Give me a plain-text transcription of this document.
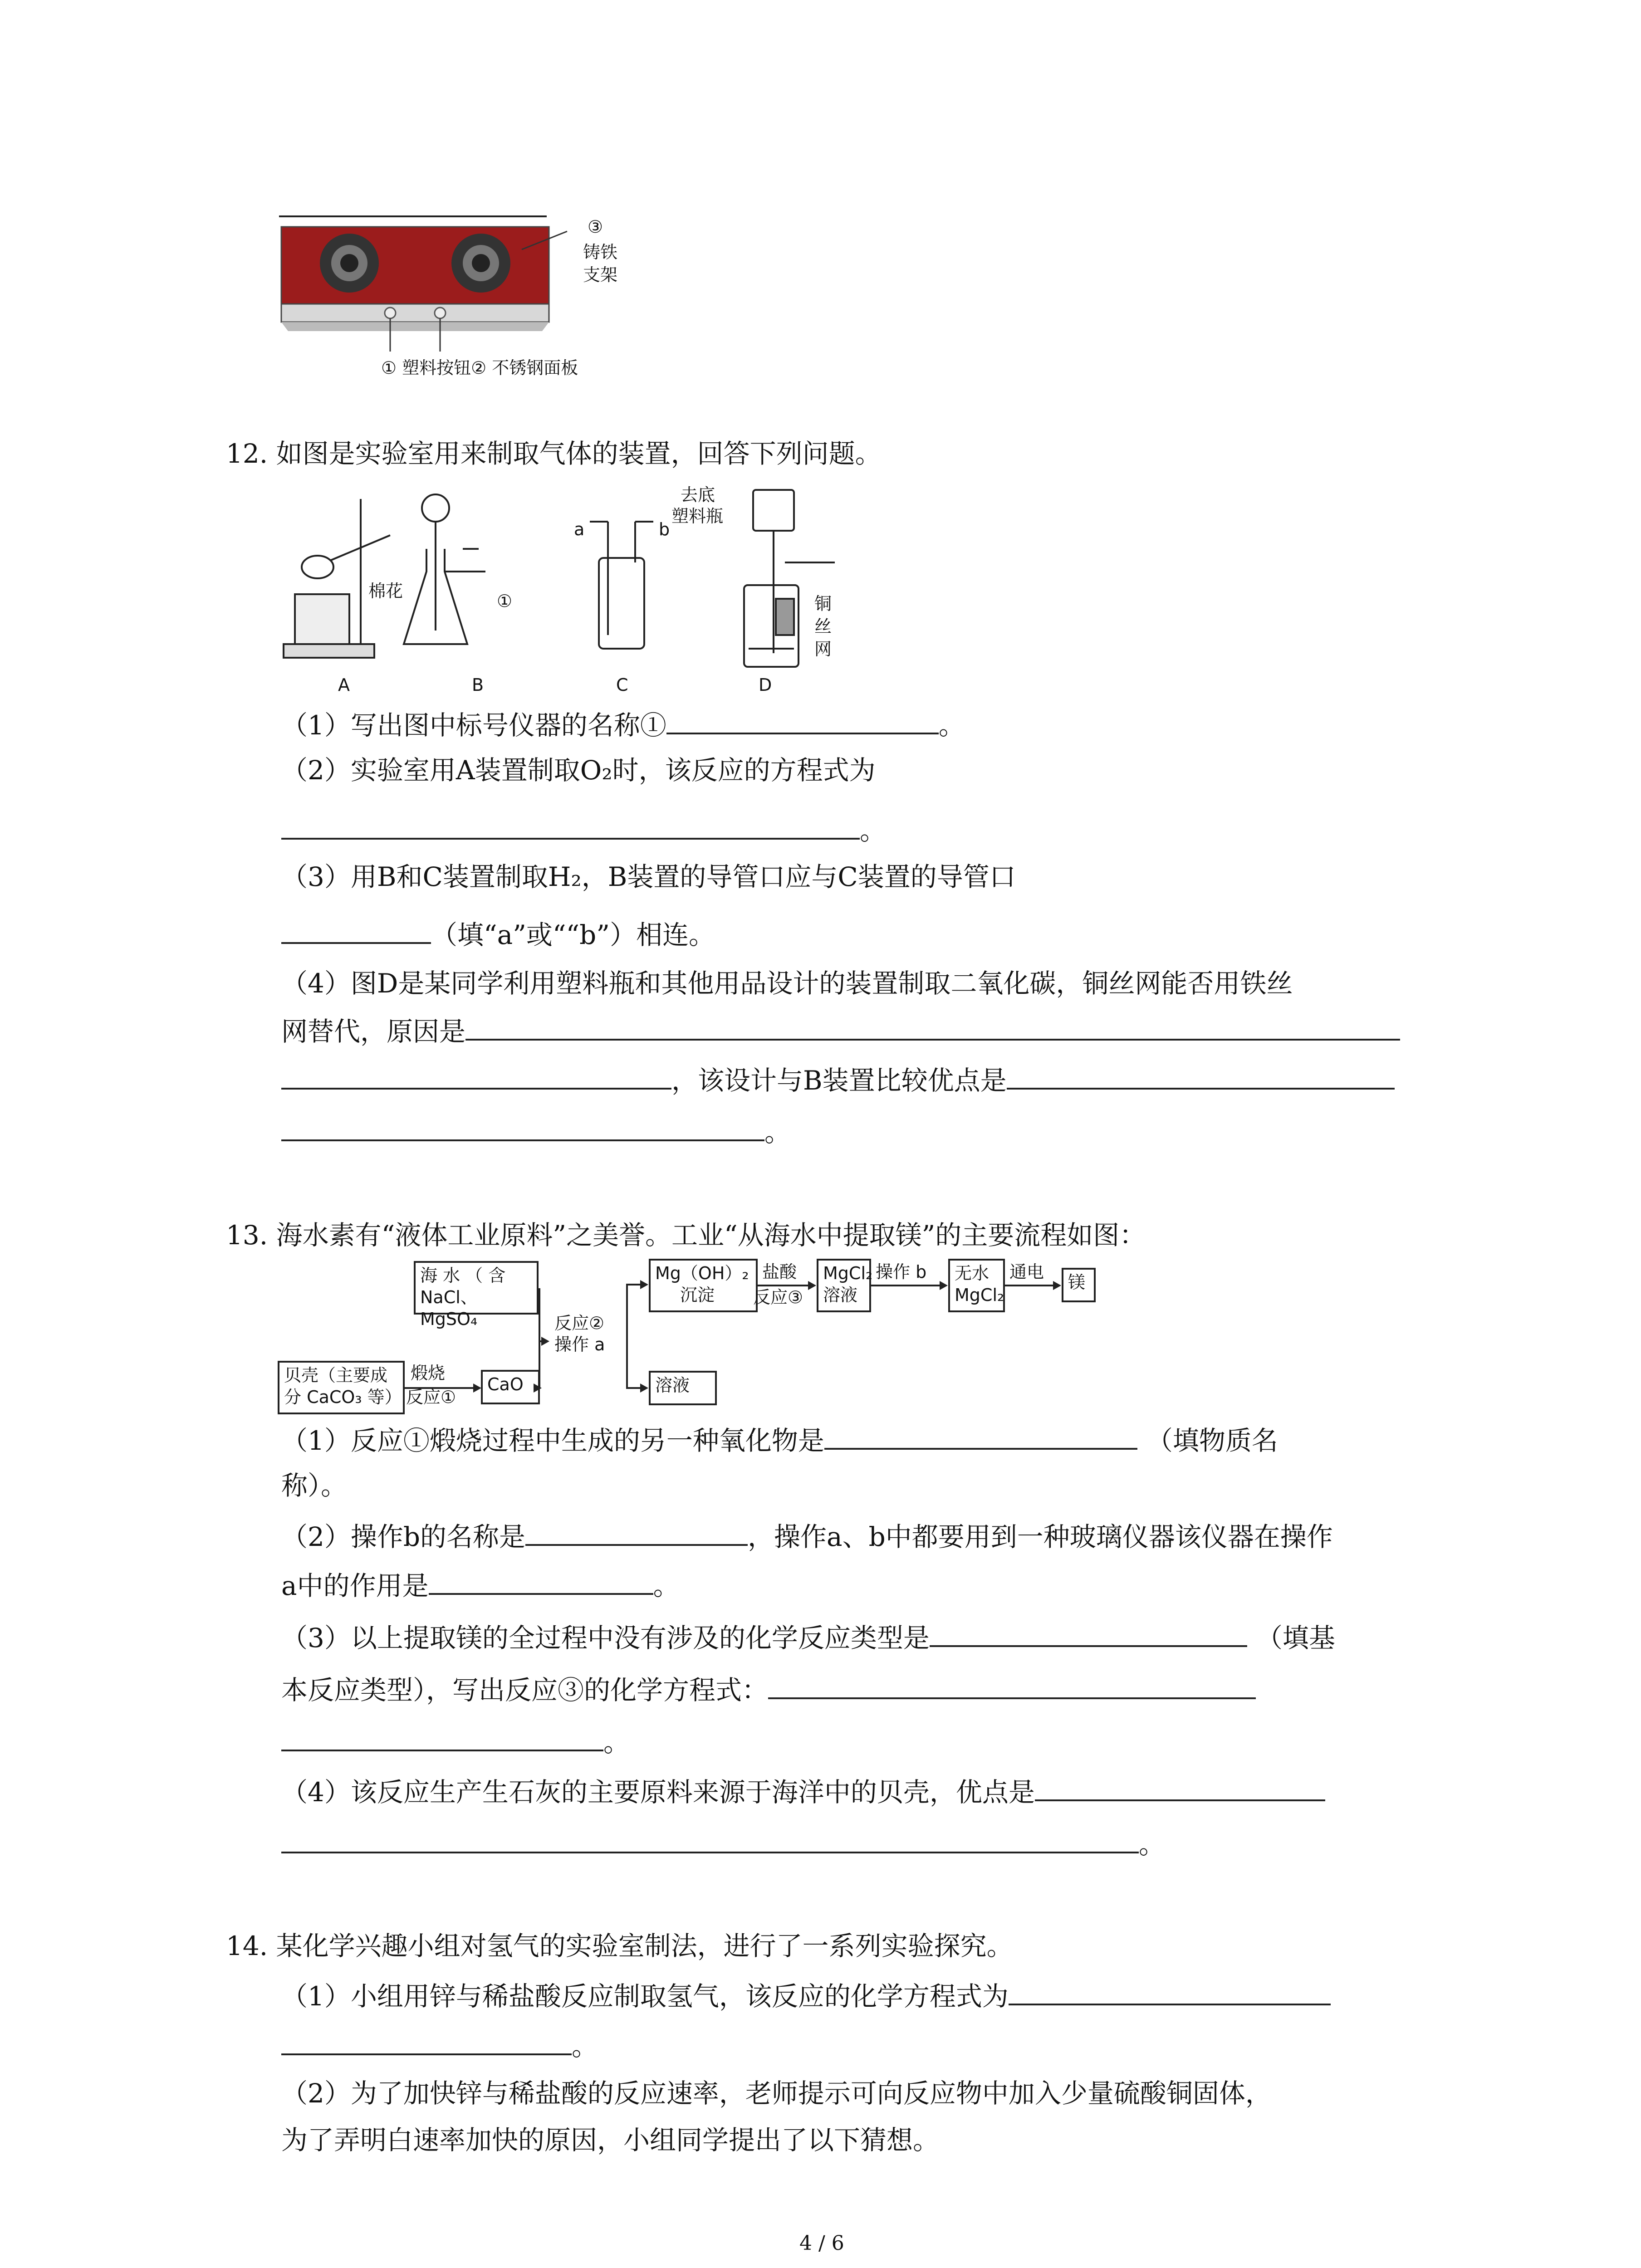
③
铸铁
支架
① 塑料按钮② 不锈钢面板
12. 如图是实验室用来制取气体的装置，回答下列问题。
棉花	①
a	b
去底
塑料瓶
铜
丝
网
A	B	C	D
（1）写出图中标号仪器的名称①	。
（2）实验室用A装置制取O₂时，该反应的方程式为
。
（3）用B和C装置制取H₂，B装置的导管口应与C装置的导管口
（填“a”或““b”）相连。
（4）图D是某同学利用塑料瓶和其他用品设计的装置制取二氧化碳，铜丝网能否用铁丝
网替代，原因是
，该设计与B装置比较优点是
。
13. 海水素有“液体工业原料”之美誉。工业“从海水中提取镁”的主要流程如图：
海 水 （ 含
NaCl、MgSO₄
贝壳（主要成
分 CaCO₃ 等）
煅烧
反应①
CaO
反应②
操作 a
Mg（OH）₂
沉淀
盐酸
反应③
MgCl₂
溶液
操作 b 无水
MgCl₂
通电
镁
溶液
（1）反应①煅烧过程中生成的另一种氧化物是	（填物质名
称）。
（2）操作b的名称是	，操作a、b中都要用到一种玻璃仪器该仪器在操作
a中的作用是	。
（3）以上提取镁的全过程中没有涉及的化学反应类型是	（填基
本反应类型），写出反应③的化学方程式：
。
（4）该反应生产生石灰的主要原料来源于海洋中的贝壳，优点是
。
14. 某化学兴趣小组对氢气的实验室制法，进行了一系列实验探究。
（1）小组用锌与稀盐酸反应制取氢气，该反应的化学方程式为
。
（2）为了加快锌与稀盐酸的反应速率，老师提示可向反应物中加入少量硫酸铜固体，
为了弄明白速率加快的原因，小组同学提出了以下猜想。
4 / 6
